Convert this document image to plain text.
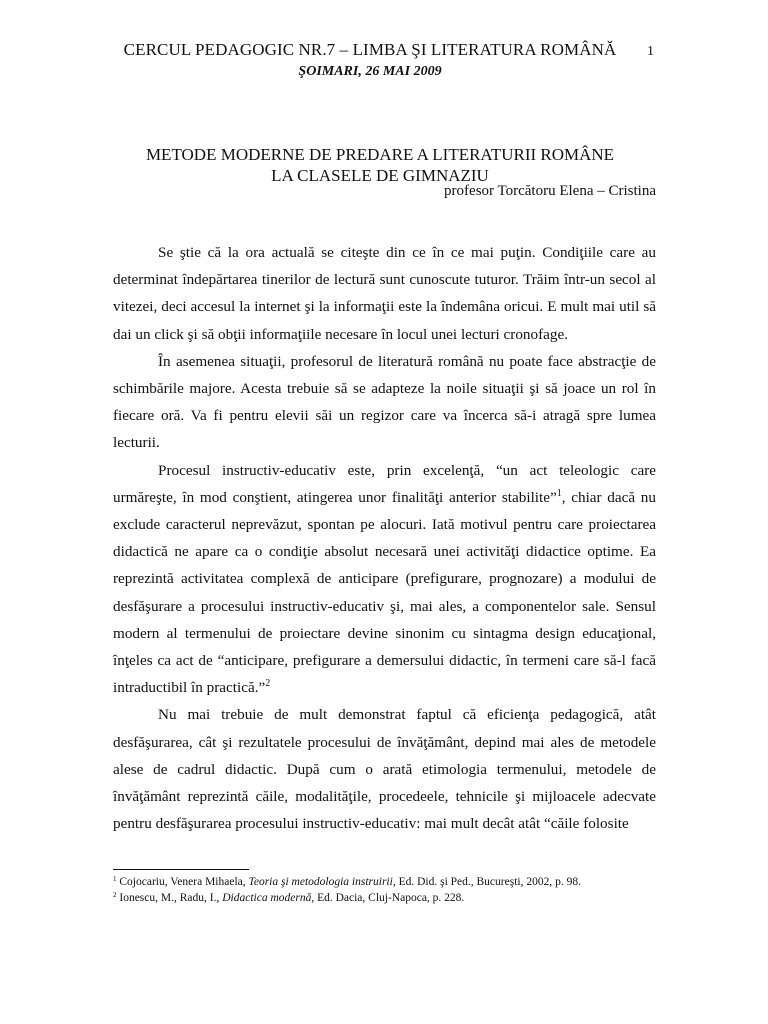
CERCUL PEDAGOGIC NR.7 – LIMBA ŞI LITERATURA ROMÂNĂ	1
ŞOIMARI, 26 MAI 2009
METODE MODERNE DE PREDARE A LITERATURII ROMÂNE
LA CLASELE DE GIMNAZIU
profesor Torcătoru Elena – Cristina

Se ştie că la ora actuală se citeşte din ce în ce mai puţin. Condiţiile care au determinat îndepărtarea tinerilor de lectură sunt cunoscute tuturor. Trăim într-un secol al vitezei, deci accesul la internet şi la informaţii este la îndemâna oricui. E mult mai util să dai un click şi să obţii informaţiile necesare în locul unei lecturi cronofage.

În asemenea situaţii, profesorul de literatură română nu poate face abstracţie de schimbările majore. Acesta trebuie să se adapteze la noile situaţii şi să joace un rol în fiecare oră. Va fi pentru elevii săi un regizor care va încerca să-i atragă spre lumea lecturii.

Procesul instructiv-educativ este, prin excelenţă, “un act teleologic care urmăreşte, în mod conştient, atingerea unor finalităţi anterior stabilite”$^1$, chiar dacă nu exclude caracterul neprevăzut, spontan pe alocuri. Iată motivul pentru care proiectarea didactică ne apare ca o condiţie absolut necesară unei activităţi didactice optime. Ea reprezintă activitatea complexă de anticipare (prefigurare, prognozare) a modului de desfăşurare a procesului instructiv-educativ şi, mai ales, a componentelor sale. Sensul modern al termenului de proiectare devine sinonim cu sintagma design educaţional, înţeles ca act de “anticipare, prefigurare a demersului didactic, în termeni care să-l facă intraductibil în practică.”$^2$

Nu mai trebuie de mult demonstrat faptul că eficienţa pedagogică, atât desfăşurarea, cât şi rezultatele procesului de învăţământ, depind mai ales de metodele alese de cadrul didactic. După cum o arată etimologia termenului, metodele de învăţământ reprezintă căile, modalităţile, procedeele, tehnicile şi mijloacele adecvate pentru desfăşurarea procesului instructiv-educativ: mai mult decât atât “căile folosite

$^1$ Cojocariu, Venera Mihaela, Teoria şi metodologia instruirii, Ed. Did. şi Ped., Bucureşti, 2002, p. 98.
$^2$ Ionescu, M., Radu, I., Didactica modernă, Ed. Dacia, Cluj-Napoca, p. 228.
